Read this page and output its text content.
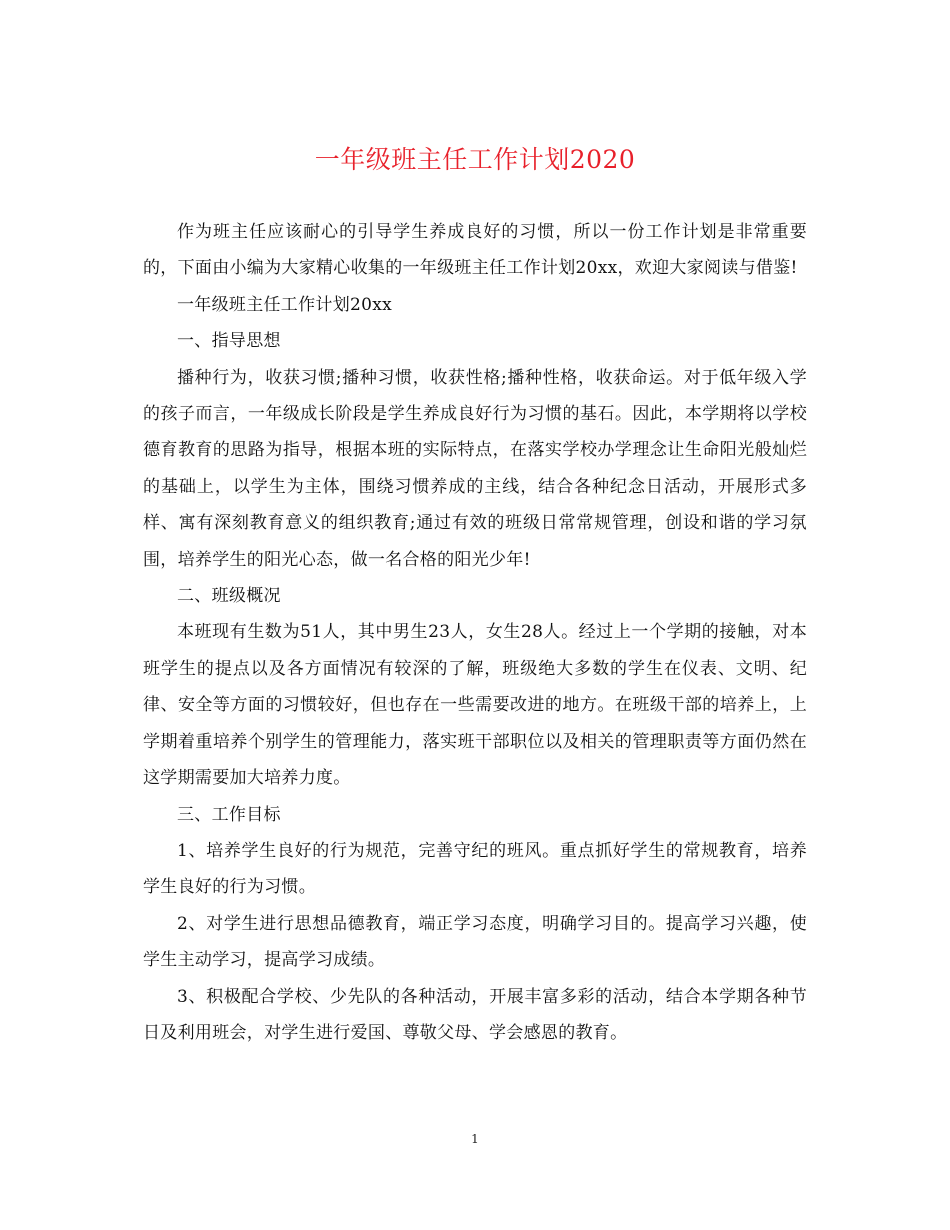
一年级班主任工作计划2020

作为班主任应该耐心的引导学生养成良好的习惯，所以一份工作计划是非常重要的，下面由小编为大家精心收集的一年级班主任工作计划20xx，欢迎大家阅读与借鉴!

一年级班主任工作计划20xx

一、指导思想

播种行为，收获习惯;播种习惯，收获性格;播种性格，收获命运。对于低年级入学的孩子而言，一年级成长阶段是学生养成良好行为习惯的基石。因此，本学期将以学校德育教育的思路为指导，根据本班的实际特点，在落实学校办学理念让生命阳光般灿烂的基础上，以学生为主体，围绕习惯养成的主线，结合各种纪念日活动，开展形式多样、寓有深刻教育意义的组织教育;通过有效的班级日常常规管理，创设和谐的学习氛围，培养学生的阳光心态，做一名合格的阳光少年!

二、班级概况

本班现有生数为51人，其中男生23人，女生28人。经过上一个学期的接触，对本班学生的提点以及各方面情况有较深的了解，班级绝大多数的学生在仪表、文明、纪律、安全等方面的习惯较好，但也存在一些需要改进的地方。在班级干部的培养上，上学期着重培养个别学生的管理能力，落实班干部职位以及相关的管理职责等方面仍然在这学期需要加大培养力度。

三、工作目标

1、培养学生良好的行为规范，完善守纪的班风。重点抓好学生的常规教育，培养学生良好的行为习惯。

2、对学生进行思想品德教育，端正学习态度，明确学习目的。提高学习兴趣，使学生主动学习，提高学习成绩。

3、积极配合学校、少先队的各种活动，开展丰富多彩的活动，结合本学期各种节日及利用班会，对学生进行爱国、尊敬父母、学会感恩的教育。

1
